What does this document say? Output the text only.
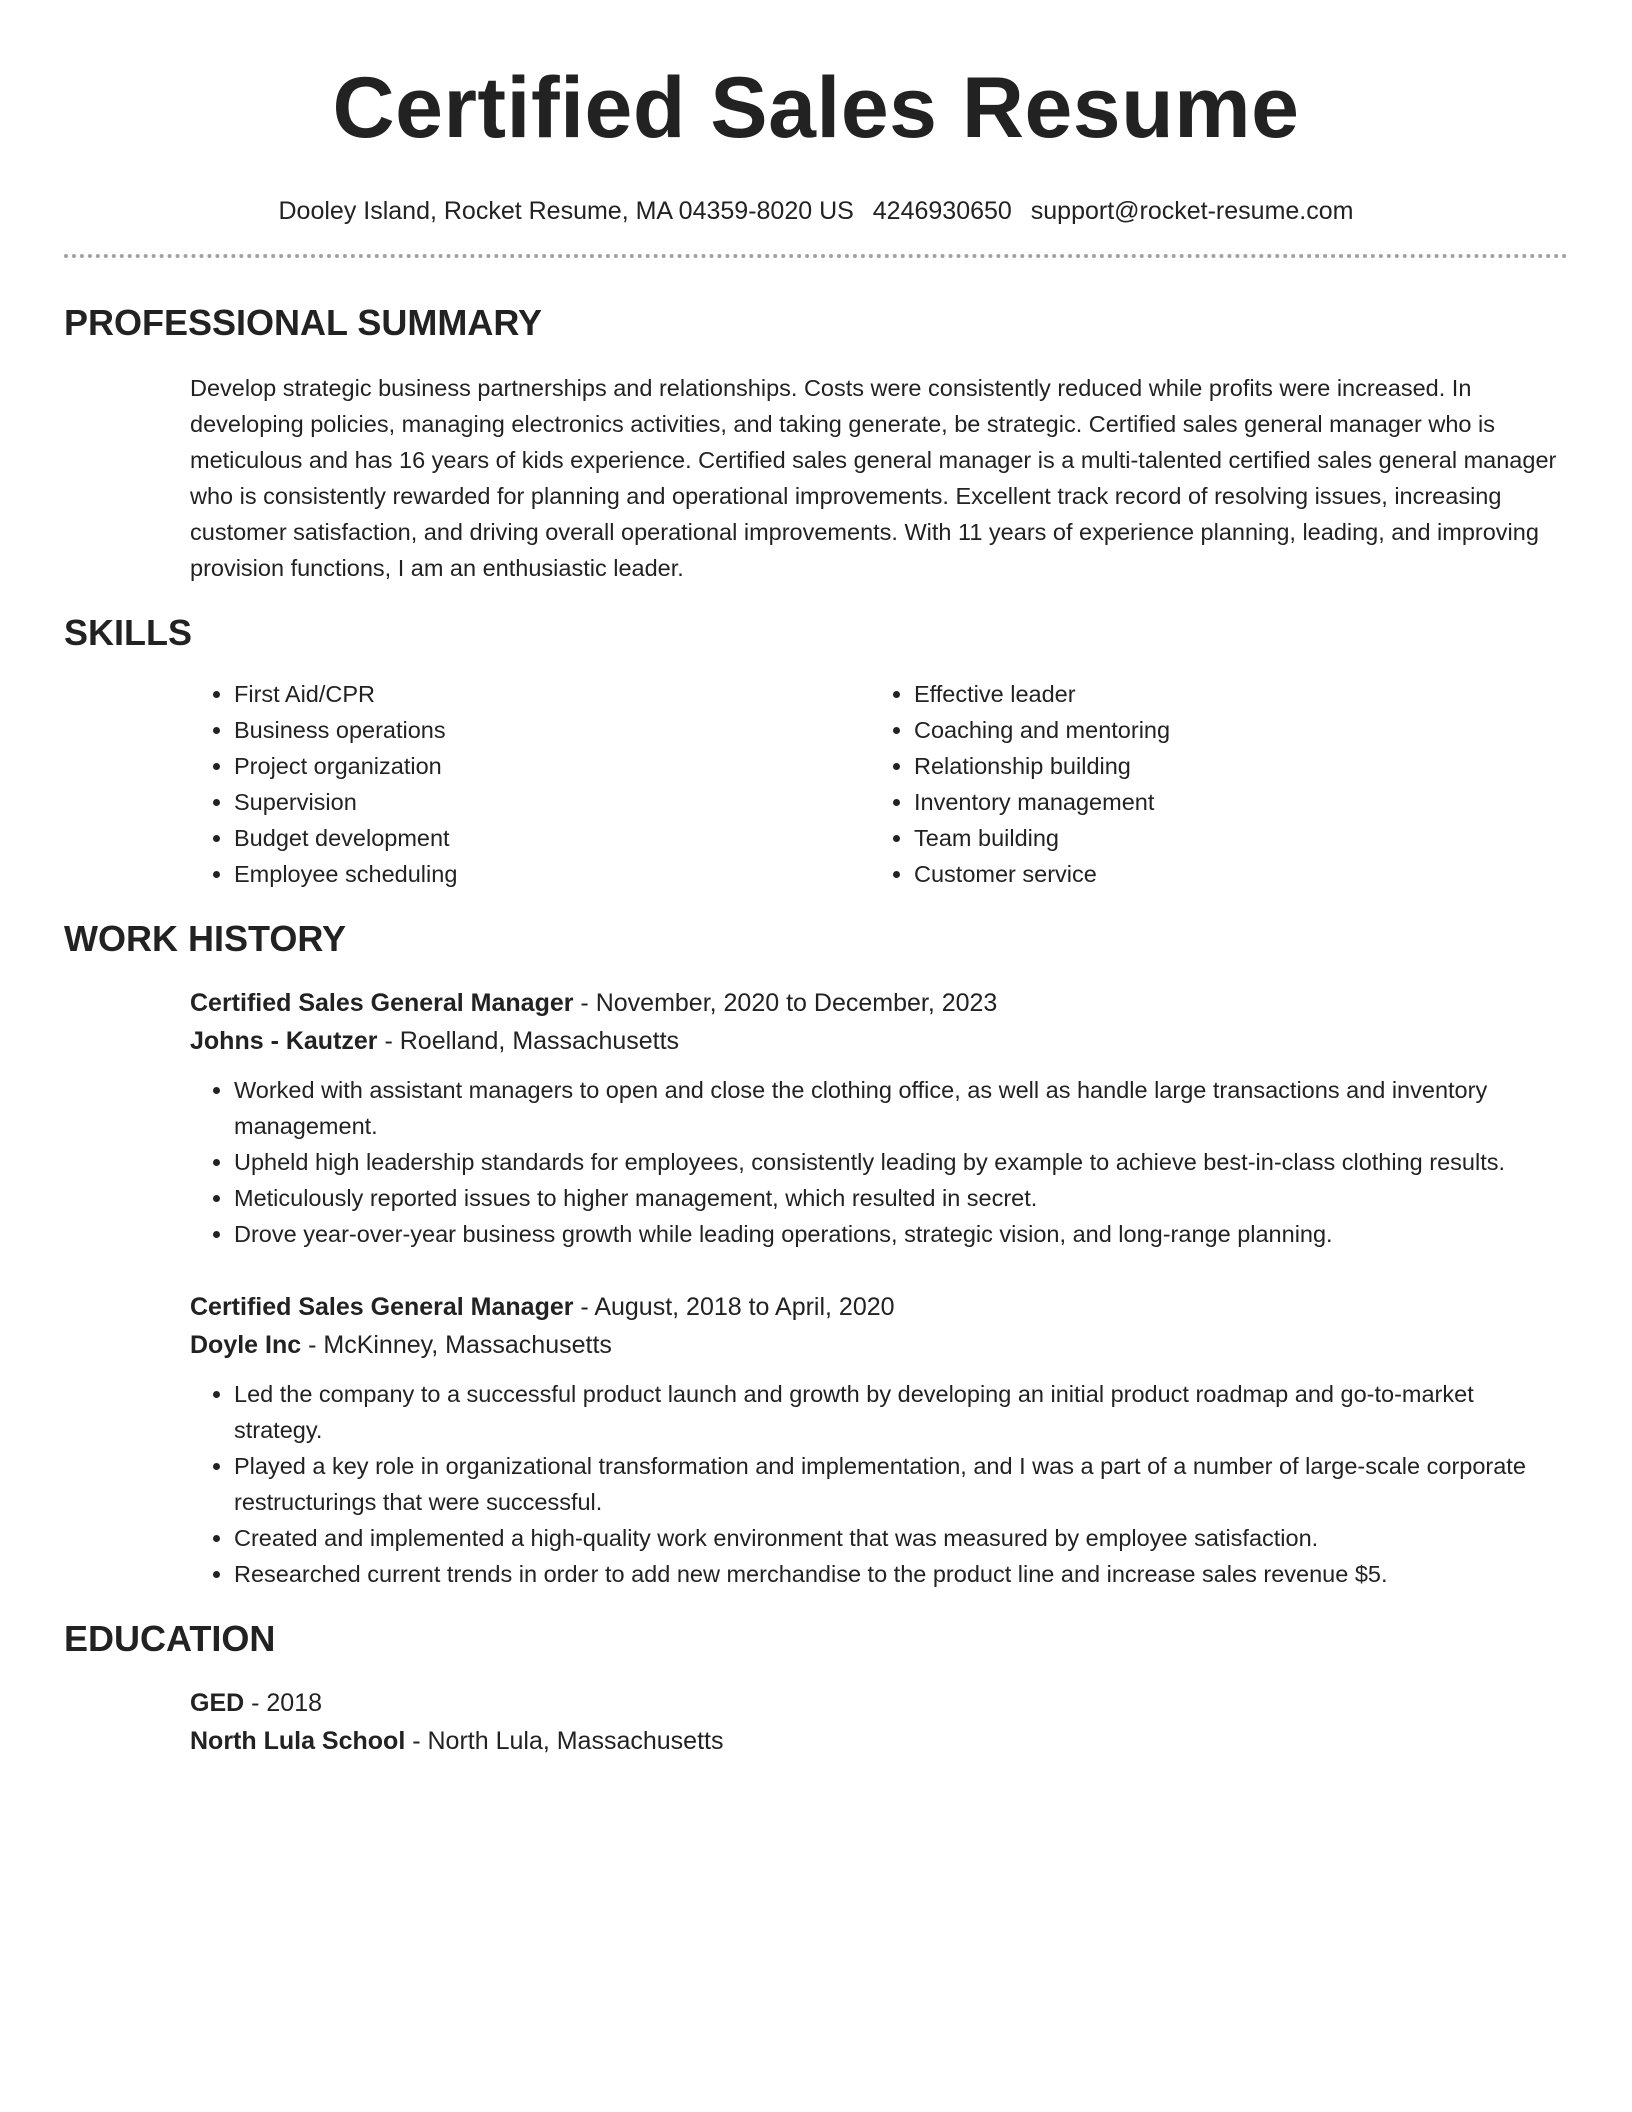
Certified Sales Resume
Dooley Island, Rocket Resume, MA 04359-8020 US 4246930650 support@rocket-resume.com
PROFESSIONAL SUMMARY

Develop strategic business partnerships and relationships. Costs were consistently reduced while profits were increased. In developing policies, managing electronics activities, and taking generate, be strategic. Certified sales general manager who is meticulous and has 16 years of kids experience. Certified sales general manager is a multi-talented certified sales general manager who is consistently rewarded for planning and operational improvements. Excellent track record of resolving issues, increasing customer satisfaction, and driving overall operational improvements. With 11 years of experience planning, leading, and improving provision functions, I am an enthusiastic leader.

SKILLS
• First Aid/CPR
• Business operations
• Project organization
• Supervision
• Budget development
• Employee scheduling
• Effective leader
• Coaching and mentoring
• Relationship building
• Inventory management
• Team building
• Customer service
WORK HISTORY
Certified Sales General Manager - November, 2020 to December, 2023
Johns - Kautzer - Roelland, Massachusetts
• Worked with assistant managers to open and close the clothing office, as well as handle large transactions and inventory management.
• Upheld high leadership standards for employees, consistently leading by example to achieve best-in-class clothing results.
• Meticulously reported issues to higher management, which resulted in secret.
• Drove year-over-year business growth while leading operations, strategic vision, and long-range planning.
Certified Sales General Manager - August, 2018 to April, 2020
Doyle Inc - McKinney, Massachusetts
• Led the company to a successful product launch and growth by developing an initial product roadmap and go-to-market strategy.
• Played a key role in organizational transformation and implementation, and I was a part of a number of large-scale corporate restructurings that were successful.
• Created and implemented a high-quality work environment that was measured by employee satisfaction.
• Researched current trends in order to add new merchandise to the product line and increase sales revenue $5.
EDUCATION
GED - 2018
North Lula School - North Lula, Massachusetts
